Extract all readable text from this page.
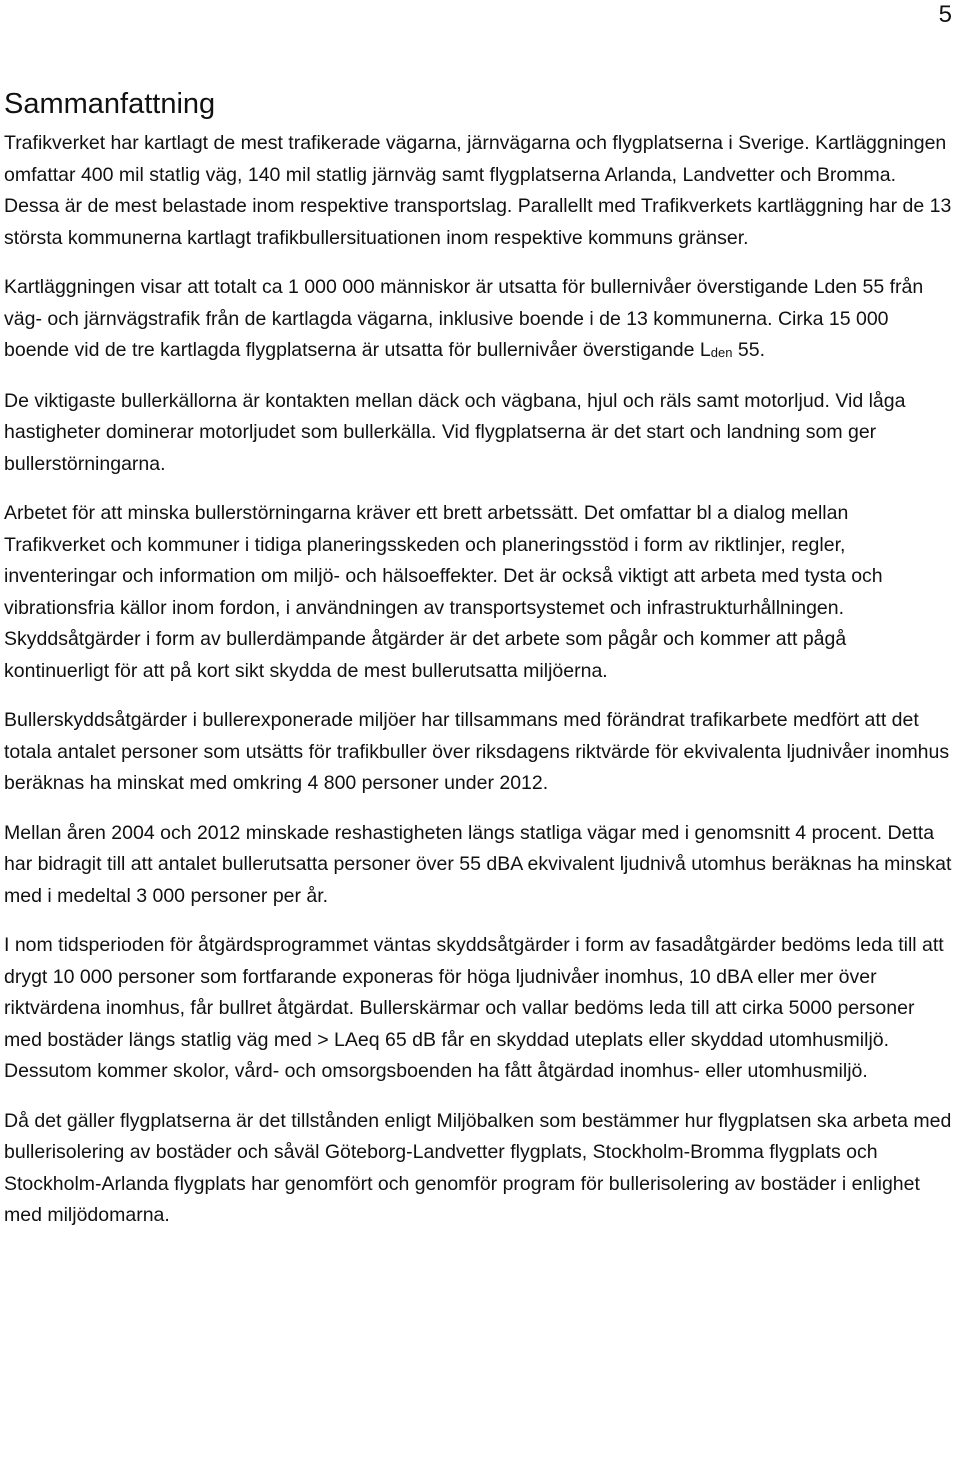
5
Sammanfattning

Trafikverket har kartlagt de mest trafikerade vägarna, järnvägarna och flygplatserna i Sverige. Kartläggningen omfattar 400 mil statlig väg, 140 mil statlig järnväg samt flygplatserna Arlanda, Landvetter och Bromma. Dessa är de mest belastade inom respektive transportslag. Parallellt med Trafikverkets kartläggning har de 13 största kommunerna kartlagt trafikbullersituationen inom respektive kommuns gränser.

Kartläggningen visar att totalt ca 1 000 000 människor är utsatta för bullernivåer överstigande Lden 55 från väg- och järnvägstrafik från de kartlagda vägarna, inklusive boende i de 13 kommunerna. Cirka 15 000 boende vid de tre kartlagda flygplatserna är utsatta för bullernivåer överstigande $L_{den}$ 55.

De viktigaste bullerkällorna är kontakten mellan däck och vägbana, hjul och räls samt motorljud. Vid låga hastigheter dominerar motorljudet som bullerkälla. Vid flygplatserna är det start och landning som ger bullerstörningarna.

Arbetet för att minska bullerstörningarna kräver ett brett arbetssätt. Det omfattar bl a dialog mellan Trafikverket och kommuner i tidiga planeringsskeden och planeringsstöd i form av riktlinjer, regler, inventeringar och information om miljö- och hälsoeffekter. Det är också viktigt att arbeta med tysta och vibrationsfria källor inom fordon, i användningen av transportsystemet och infrastrukturhållningen. Skyddsåtgärder i form av bullerdämpande åtgärder är det arbete som pågår och kommer att pågå kontinuerligt för att på kort sikt skydda de mest bullerutsatta miljöerna.

Bullerskyddsåtgärder i bullerexponerade miljöer har tillsammans med förändrat trafikarbete medfört att det totala antalet personer som utsätts för trafikbuller över riksdagens riktvärde för ekvivalenta ljudnivåer inomhus beräknas ha minskat med omkring 4 800 personer under 2012.

Mellan åren 2004 och 2012 minskade reshastigheten längs statliga vägar med i genomsnitt 4 procent. Detta har bidragit till att antalet bullerutsatta personer över 55 dBA ekvivalent ljudnivå utomhus beräknas ha minskat med i medeltal 3 000 personer per år.

I nom tidsperioden för åtgärdsprogrammet väntas skyddsåtgärder i form av fasadåtgärder bedöms leda till att drygt 10 000 personer som fortfarande exponeras för höga ljudnivåer inomhus, 10 dBA eller mer över riktvärdena inomhus, får bullret åtgärdat. Bullerskärmar och vallar bedöms leda till att cirka 5000 personer med bostäder längs statlig väg med > LAeq 65 dB får en skyddad uteplats eller skyddad utomhusmiljö. Dessutom kommer skolor, vård- och omsorgsboenden ha fått åtgärdad inomhus- eller utomhusmiljö.

Då det gäller flygplatserna är det tillstånden enligt Miljöbalken som bestämmer hur flygplatsen ska arbeta med bullerisolering av bostäder och såväl Göteborg-Landvetter flygplats, Stockholm-Bromma flygplats och Stockholm-Arlanda flygplats har genomfört och genomför program för bullerisolering av bostäder i enlighet med miljödomarna.
